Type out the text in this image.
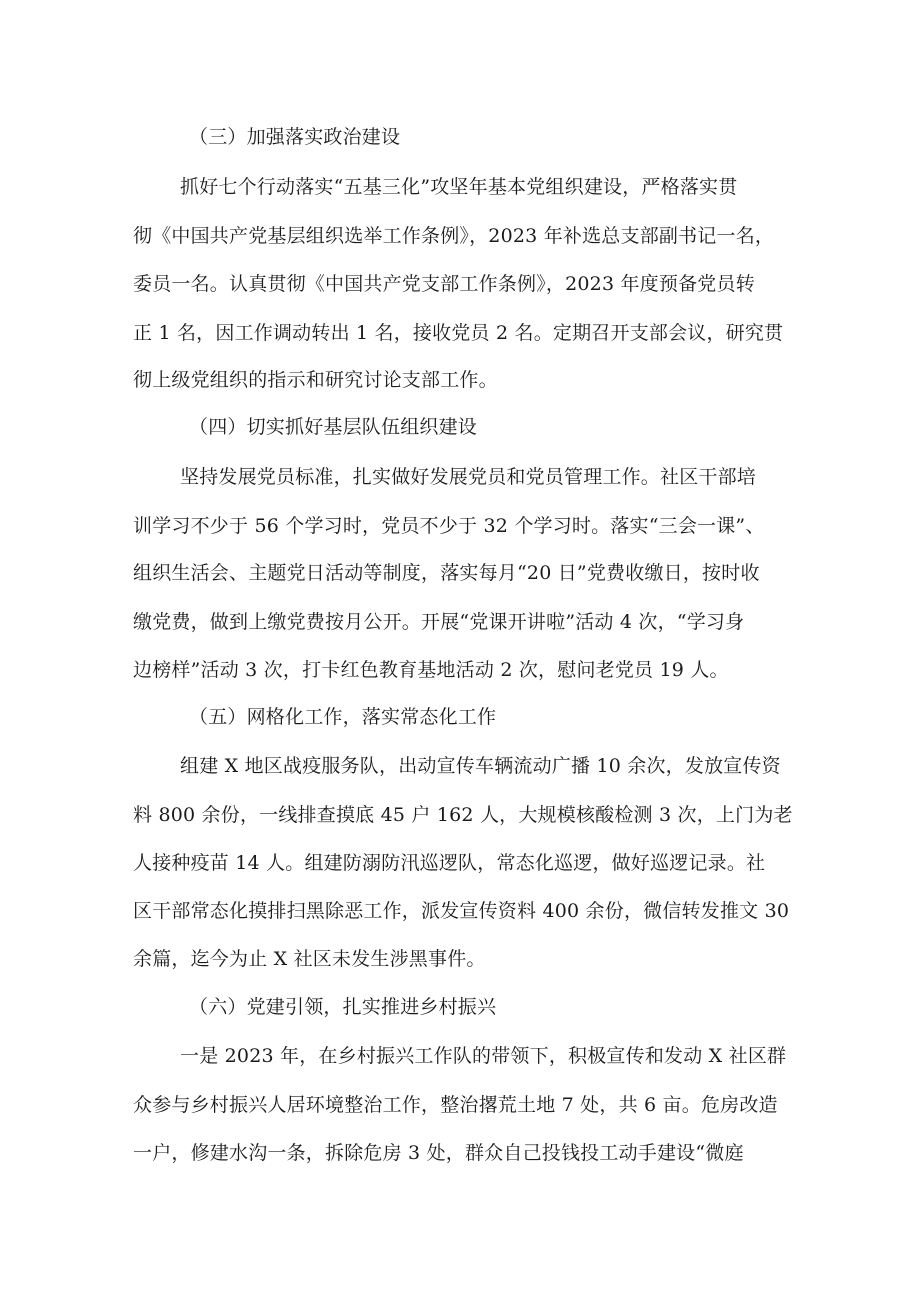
（三）加强落实政治建设
抓好七个行动落实“五基三化”攻坚年基本党组织建设，严格落实贯
彻《中国共产党基层组织选举工作条例》，2023 年补选总支部副书记一名，
委员一名。认真贯彻《中国共产党支部工作条例》，2023 年度预备党员转
正 1 名，因工作调动转出 1 名，接收党员 2 名。定期召开支部会议，研究贯
彻上级党组织的指示和研究讨论支部工作。
（四）切实抓好基层队伍组织建设
坚持发展党员标准，扎实做好发展党员和党员管理工作。社区干部培
训学习不少于 56 个学习时，党员不少于 32 个学习时。落实“三会一课”、
组织生活会、主题党日活动等制度，落实每月“20 日”党费收缴日，按时收
缴党费，做到上缴党费按月公开。开展“党课开讲啦”活动 4 次，“学习身
边榜样”活动 3 次，打卡红色教育基地活动 2 次，慰问老党员 19 人。
（五）网格化工作，落实常态化工作
组建 X 地区战疫服务队，出动宣传车辆流动广播 10 余次，发放宣传资
料 800 余份，一线排查摸底 45 户 162 人，大规模核酸检测 3 次，上门为老
人接种疫苗 14 人。组建防溺防汛巡逻队，常态化巡逻，做好巡逻记录。社
区干部常态化摸排扫黑除恶工作，派发宣传资料 400 余份，微信转发推文 30
余篇，迄今为止 X 社区未发生涉黑事件。
（六）党建引领，扎实推进乡村振兴
一是 2023 年，在乡村振兴工作队的带领下，积极宣传和发动 X 社区群
众参与乡村振兴人居环境整治工作，整治撂荒土地 7 处，共 6 亩。危房改造
一户，修建水沟一条，拆除危房 3 处，群众自己投钱投工动手建设“微庭
